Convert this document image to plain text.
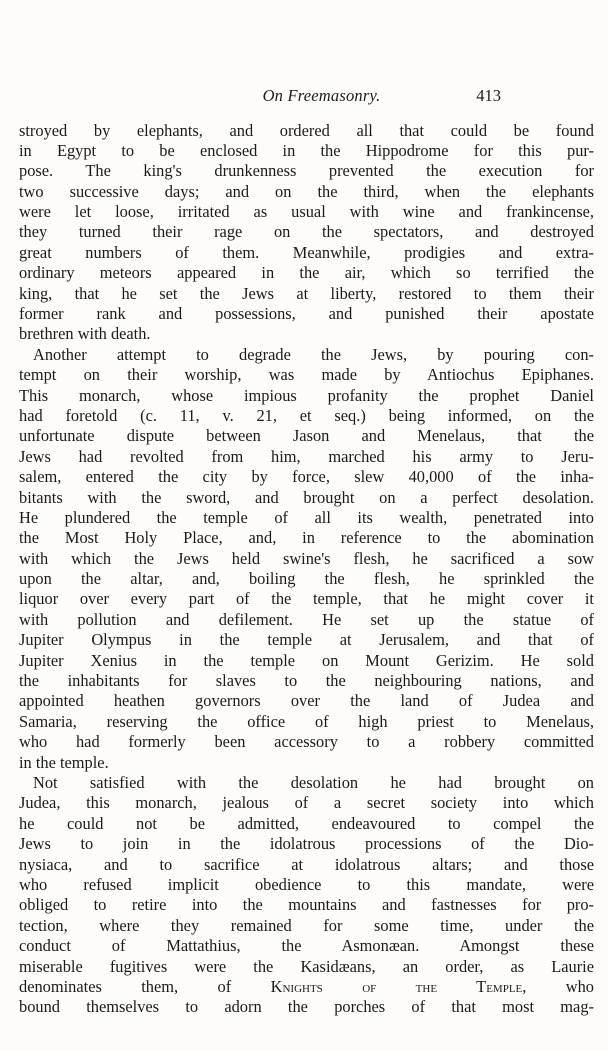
On Freemasonry.	413
stroyed by elephants, and ordered all that could be found
in Egypt to be enclosed in the Hippodrome for this pur-
pose. The king's drunkenness prevented the execution for
two successive days; and on the third, when the elephants
were let loose, irritated as usual with wine and frankincense,
they turned their rage on the spectators, and destroyed
great numbers of them. Meanwhile, prodigies and extra-
ordinary meteors appeared in the air, which so terrified the
king, that he set the Jews at liberty, restored to them their
former rank and possessions, and punished their apostate
brethren with death.
Another attempt to degrade the Jews, by pouring con-
tempt on their worship, was made by Antiochus Epiphanes.
This monarch, whose impious profanity the prophet Daniel
had foretold (c. 11, v. 21, et seq.) being informed, on the
unfortunate dispute between Jason and Menelaus, that the
Jews had revolted from him, marched his army to Jeru-
salem, entered the city by force, slew 40,000 of the inha-
bitants with the sword, and brought on a perfect desolation.
He plundered the temple of all its wealth, penetrated into
the Most Holy Place, and, in reference to the abomination
with which the Jews held swine's flesh, he sacrificed a sow
upon the altar, and, boiling the flesh, he sprinkled the
liquor over every part of the temple, that he might cover it
with pollution and defilement. He set up the statue of
Jupiter Olympus in the temple at Jerusalem, and that of
Jupiter Xenius in the temple on Mount Gerizim. He sold
the inhabitants for slaves to the neighbouring nations, and
appointed heathen governors over the land of Judea and
Samaria, reserving the office of high priest to Menelaus,
who had formerly been accessory to a robbery committed
in the temple.
Not satisfied with the desolation he had brought on
Judea, this monarch, jealous of a secret society into which
he could not be admitted, endeavoured to compel the
Jews to join in the idolatrous processions of the Dio-
nysiaca, and to sacrifice at idolatrous altars; and those
who refused implicit obedience to this mandate, were
obliged to retire into the mountains and fastnesses for pro-
tection, where they remained for some time, under the
conduct of Mattathius, the Asmonæan. Amongst these
miserable fugitives were the Kasidæans, an order, as Laurie
denominates them, of Knights of the Temple, who
bound themselves to adorn the porches of that most mag-
